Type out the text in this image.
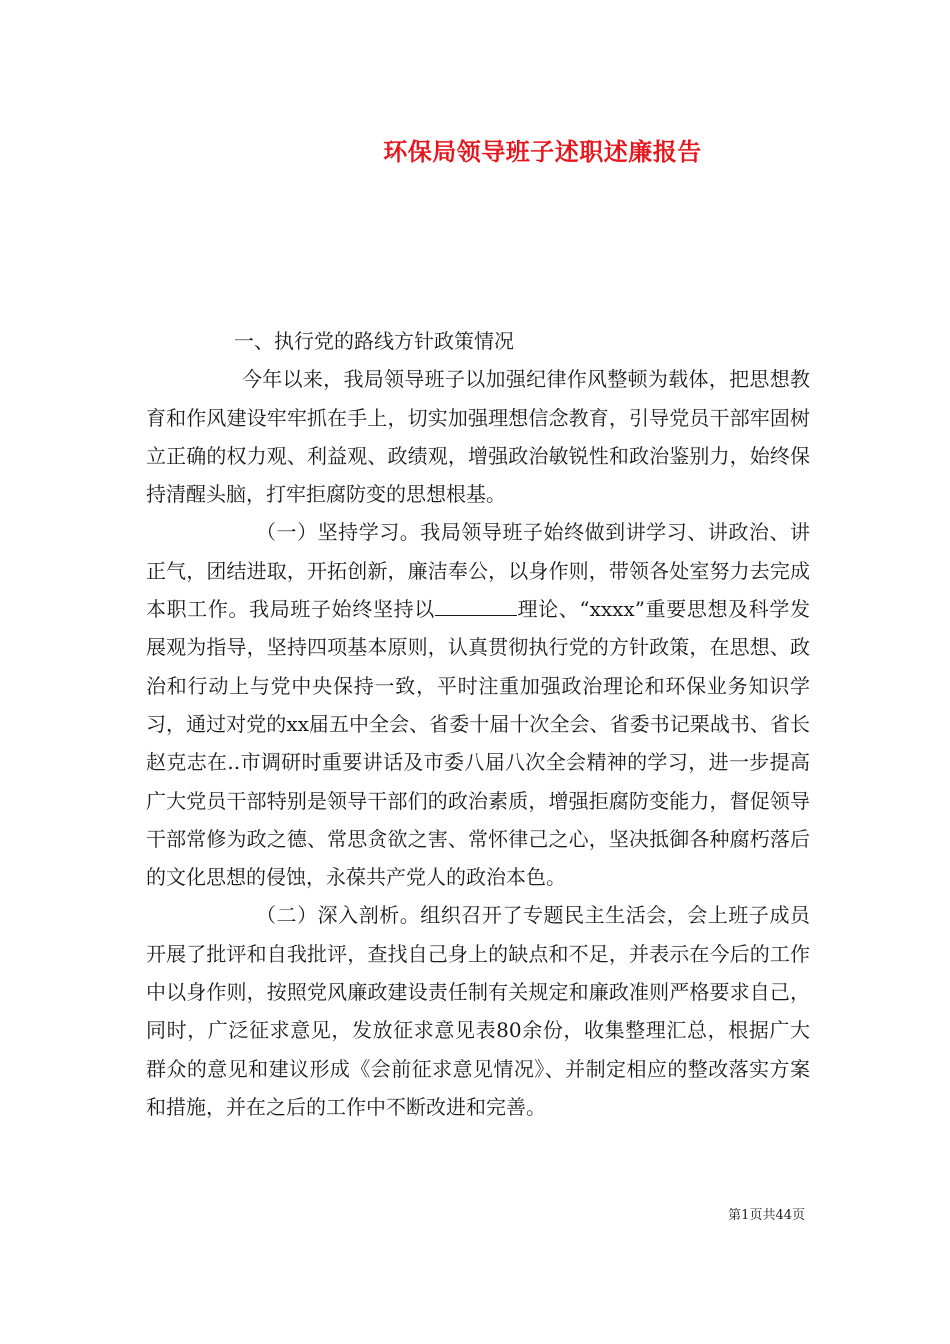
环保局领导班子述职述廉报告

一、执行党的路线方针政策情况

今年以来，我局领导班子以加强纪律作风整顿为载体，把思想教育和作风建设牢牢抓在手上，切实加强理想信念教育，引导党员干部牢固树立正确的权力观、利益观、政绩观，增强政治敏锐性和政治鉴别力，始终保持清醒头脑，打牢拒腐防变的思想根基。

（一）坚持学习。我局领导班子始终做到讲学习、讲政治、讲正气，团结进取，开拓创新，廉洁奉公，以身作则，带领各处室努力去完成本职工作。我局班子始终坚持以	理论、“xxxx”重要思想及科学发展观为指导，坚持四项基本原则，认真贯彻执行党的方针政策，在思想、政治和行动上与党中央保持一致，平时注重加强政治理论和环保业务知识学习，通过对党的xx届五中全会、省委十届十次全会、省委书记栗战书、省长赵克志在..市调研时重要讲话及市委八届八次全会精神的学习，进一步提高广大党员干部特别是领导干部们的政治素质，增强拒腐防变能力，督促领导干部常修为政之德、常思贪欲之害、常怀律己之心，坚决抵御各种腐朽落后的文化思想的侵蚀，永葆共产党人的政治本色。

（二）深入剖析。组织召开了专题民主生活会，会上班子成员开展了批评和自我批评，查找自己身上的缺点和不足，并表示在今后的工作中以身作则，按照党风廉政建设责任制有关规定和廉政准则严格要求自己，同时，广泛征求意见，发放征求意见表80余份，收集整理汇总，根据广大群众的意见和建议形成《会前征求意见情况》、并制定相应的整改落实方案和措施，并在之后的工作中不断改进和完善。

第1页共44页
